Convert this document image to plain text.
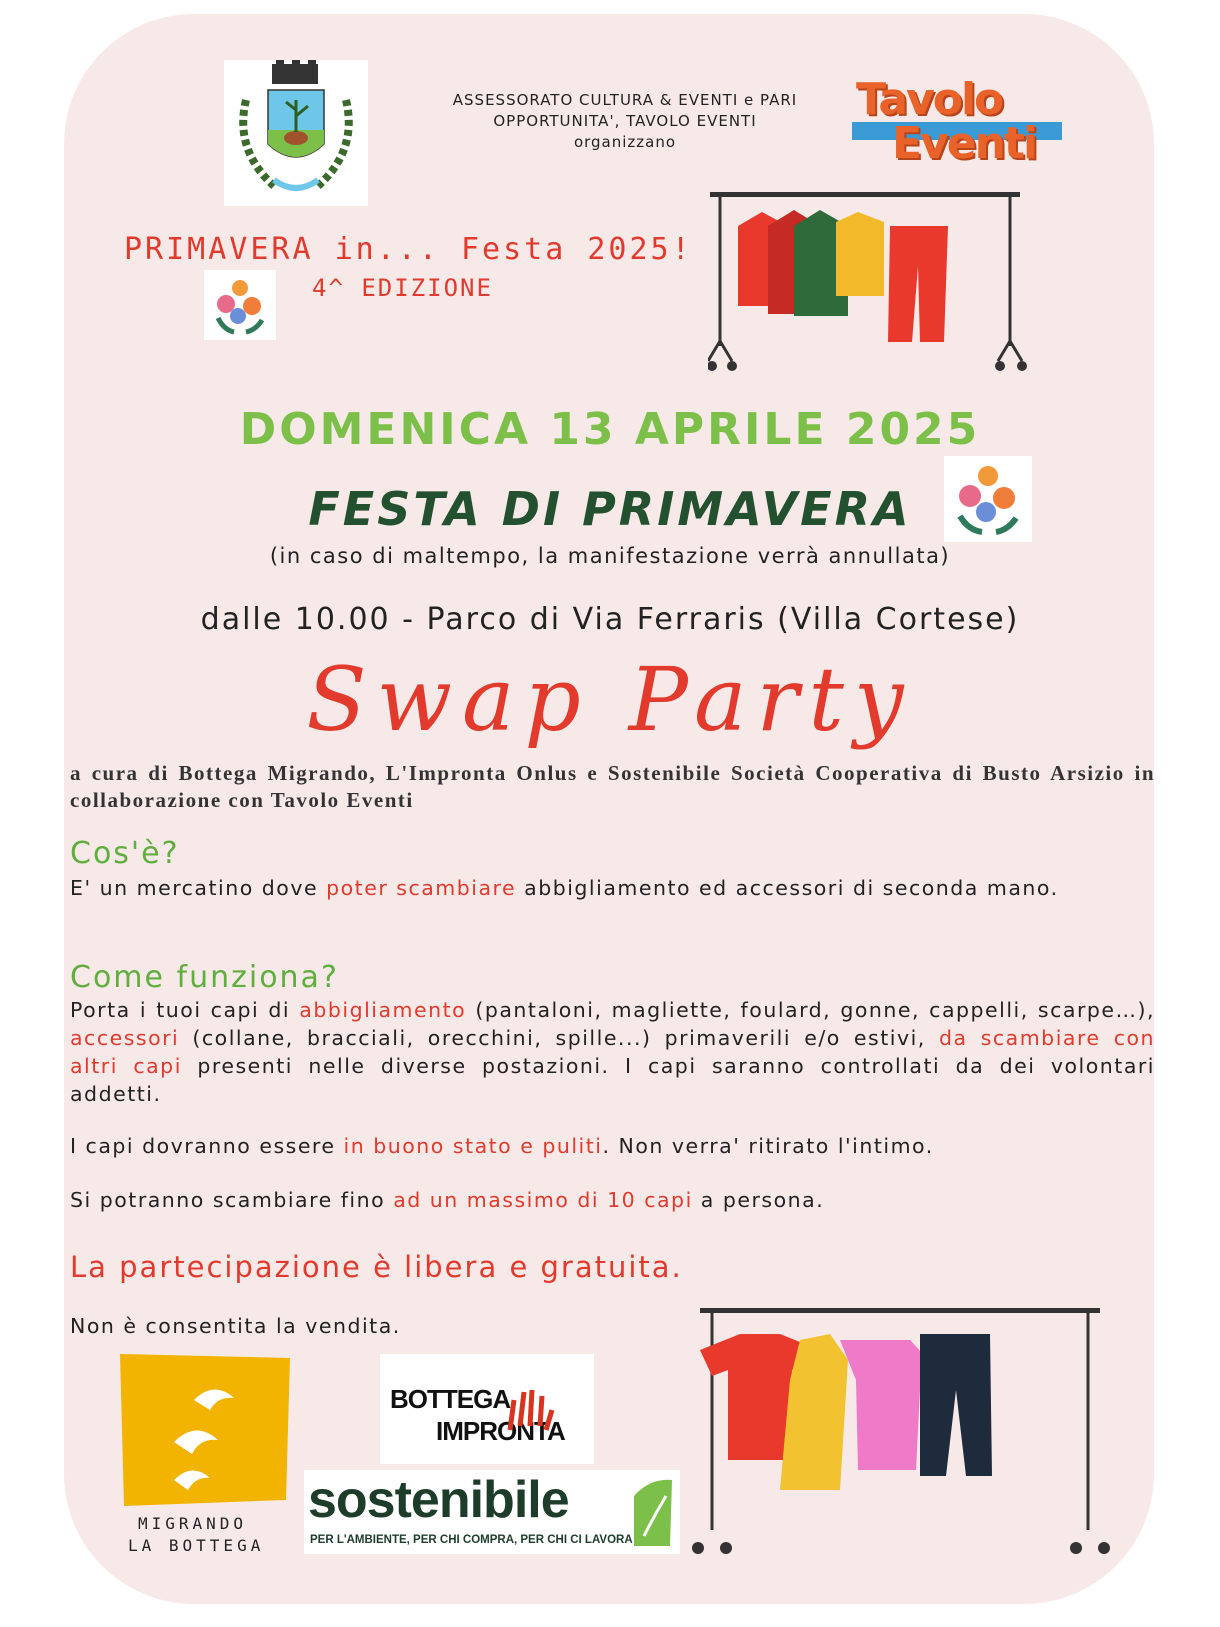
ASSESSORATO CULTURA & EVENTI e PARI
OPPORTUNITA', TAVOLO EVENTI
organizzano
Tavolo
Eventi
PRIMAVERA in... Festa 2025!
4^ EDIZIONE
DOMENICA 13 APRILE 2025
FESTA DI PRIMAVERA
(in caso di maltempo, la manifestazione verrà annullata)
dalle 10.00 - Parco di Via Ferraris (Villa Cortese)
Swap Party
a cura di Bottega Migrando, L'Impronta Onlus e Sostenibile Società Cooperativa di Busto Arsizio in collaborazione con Tavolo Eventi
Cos'è?
E' un mercatino dove poter scambiare abbigliamento ed accessori di seconda mano.
Come funziona?
Porta i tuoi capi di abbigliamento (pantaloni, magliette, foulard, gonne, cappelli, scarpe…), accessori (collane, bracciali, orecchini, spille...) primaverili e/o estivi, da scambiare con altri capi presenti nelle diverse postazioni. I capi saranno controllati da dei volontari addetti.
I capi dovranno essere in buono stato e puliti. Non verra' ritirato l'intimo.
Si potranno scambiare fino ad un massimo di 10 capi a persona.
La partecipazione è libera e gratuita.
Non è consentita la vendita.
MIGRANDO
LA BOTTEGA
BOTTEGA
IMPRONTA
sostenibile
PER L'AMBIENTE, PER CHI COMPRA, PER CHI CI LAVORA
